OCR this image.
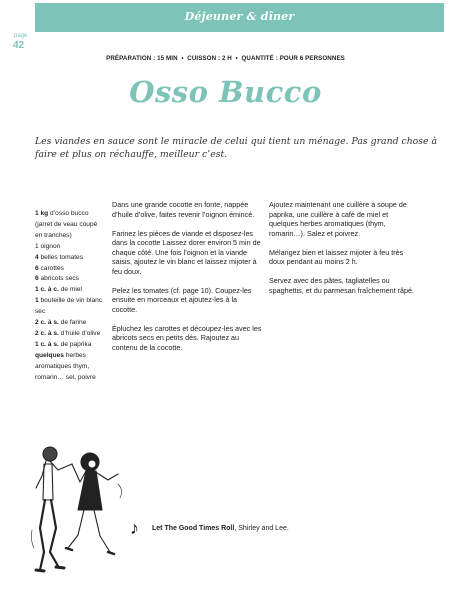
Déjeuner & dîner
page
42
PRÉPARATION : 15 MIN • CUISSON : 2 H • QUANTITÉ : POUR 6 PERSONNES
Osso Bucco
Les viandes en sauce sont le miracle de celui qui tient un ménage. Pas grand chose à faire et plus on réchauffe, meilleur c’est.
1 kg d’osso bucco (jarret de veau coupé en tranches)
1 oignon
4 belles tomates
6 carottes
6 abricots secs
1 c. à c. de miel
1 bouteille de vin blanc sec
2 c. à s. de farine
2 c. à s. d’huile d’olive
1 c. à s. de paprika
quelques herbes aromatiques thym, romarin… sel, poivre

Dans une grande cocotte en fonte, nappée d’huile d’olive, faites revenir l’oignon émincé.

Farinez les pièces de viande et disposez-les dans la cocotte Laissez dorer environ 5 min de chaque côté. Une fois l’oignon et la viande saisis, ajoutez le vin blanc et laissez mijoter à feu doux.

Pelez les tomates (cf. page 10). Coupez-les ensuite en morceaux et ajoutez-les à la cocotte.

Épluchez les carottes et découpez-les avec les abricots secs en petits dés. Rajoutez au contenu de la cocotte.

Ajoutez maintenant une cuillère à soupe de paprika, une cuillère à café de miel et quelques herbes aromatiques (thym, romarin…). Salez et poivrez.

Mélangez bien et laissez mijoter à feu très doux pendant au moins 2 h.

Servez avec des pâtes, tagliatelles ou spaghettis, et du parmesan fraîchement râpé.

♪ Let The Good Times Roll, Shirley and Lee.
